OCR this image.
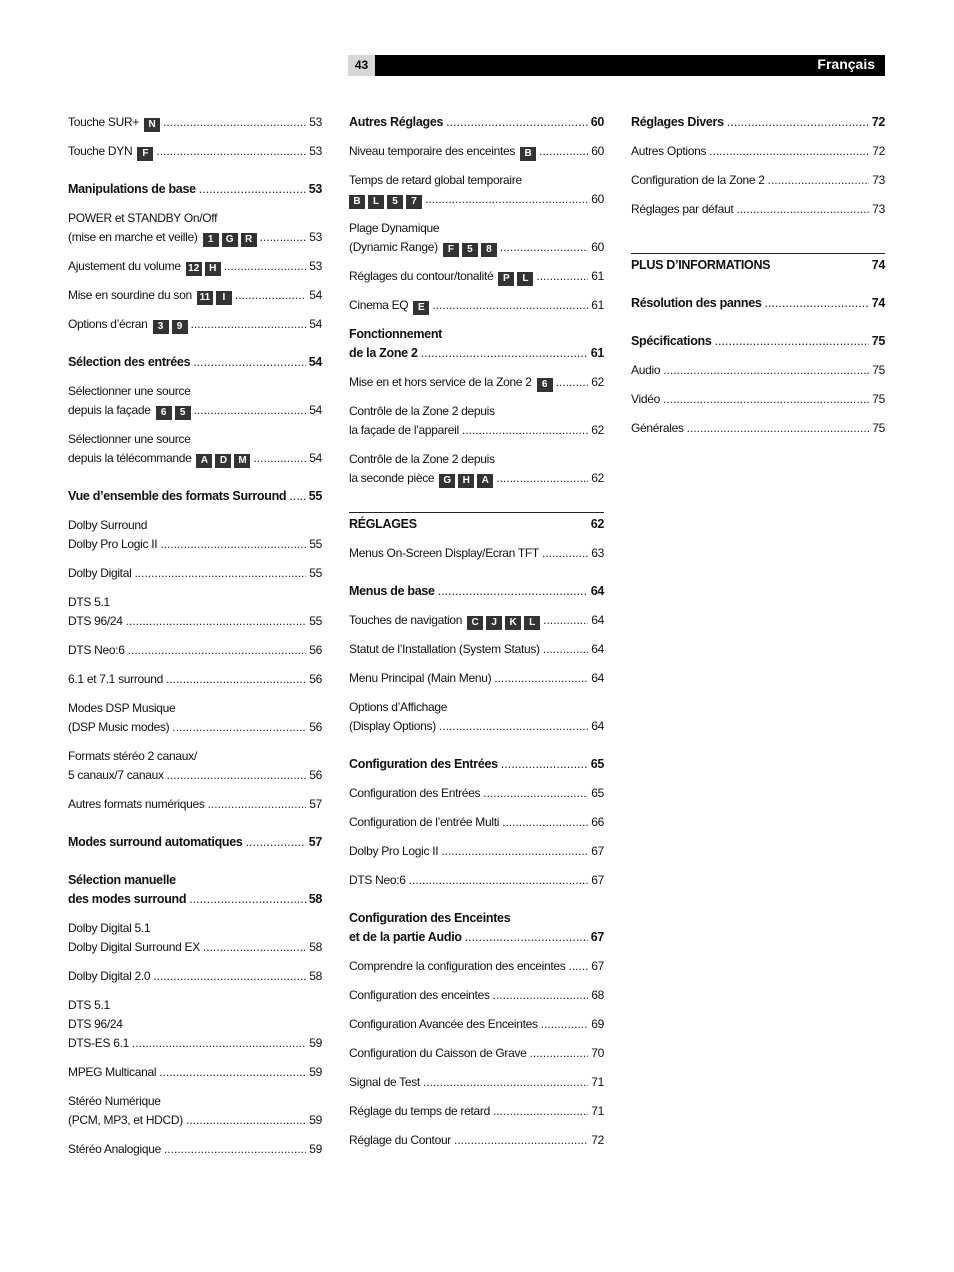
43	Français
Touche SUR+ N .....	53
Touche DYN F .....	53
Manipulations de base .....	53
POWER et STANDBY On/Off
(mise en marche et veille)	1	G	R .....	53
Ajustement du volume 12 H .....	53
Mise en sourdine du son 11	I .....	54
Options d’écran	3	9 .....	54
Sélection des entrées .....	54
Sélectionner une source
depuis la façade	6	5 .....	54
Sélectionner une source
depuis la télécommande A	D	M .....	54
Vue d’ensemble des formats Surround ..... 55
Dolby Surround
Dolby Pro Logic II .....	55
Dolby Digital .....	55
DTS 5.1
DTS 96/24 .....	55
DTS Neo:6 .....	56
6.1 et 7.1 surround .....	56
Modes DSP Musique
(DSP Music modes) .....	56
Formats stéréo 2 canaux/
5 canaux/7 canaux .....	56
Autres formats numériques .....	57
Modes surround automatiques .....	57
Sélection manuelle
des modes surround .....	58
Dolby Digital 5.1
Dolby Digital Surround EX .....	58
Dolby Digital 2.0 .....	58
DTS 5.1
DTS 96/24
DTS-ES 6.1 .....	59
MPEG Multicanal .....	59
Stéréo Numérique
(PCM, MP3, et HDCD) .....	59
Stéréo Analogique .....	59
Autres Réglages .....	60
Niveau temporaire des enceintes B .....	60
Temps de retard global temporaire
B	L	5	7 .....	60
Plage Dynamique
(Dynamic Range) F	5	8 .....	60
Réglages du contour/tonalité P	L .....	61
Cinema EQ E .....	61
Fonctionnement
de la Zone 2 .....	61
Mise en et hors service de la Zone 2	6 .....	62
Contrôle de la Zone 2 depuis
la façade de l’appareil .....	62
Contrôle de la Zone 2 depuis
la seconde pièce G	H	A .....	62
RÉGLAGES	62
Menus On-Screen Display/Ecran TFT .....	63
Menus de base .....	64
Touches de navigation C	J	K	L .....	64
Statut de l’Installation (System Status) .....	64
Menu Principal (Main Menu) .....	64
Options d’Affichage
(Display Options) .....	64
Configuration des Entrées .....	65
Configuration des Entrées .....	65
Configuration de l’entrée Multi .....	66
Dolby Pro Logic II .....	67
DTS Neo:6 .....	67
Configuration des Enceintes
et de la partie Audio .....	67
Comprendre la configuration des enceintes ..... 67
Configuration des enceintes .....	68
Configuration Avancée des Enceintes .....	69
Configuration du Caisson de Grave .....	70
Signal de Test .....	71
Réglage du temps de retard .....	71
Réglage du Contour .....	72
Réglages Divers .....	72
Autres Options .....	72
Configuration de la Zone 2 .....	73
Réglages par défaut .....	73
PLUS D’INFORMATIONS	74
Résolution des pannes .....	74
Spécifications .....	75
Audio .....	75
Vidéo .....	75
Générales .....	75
